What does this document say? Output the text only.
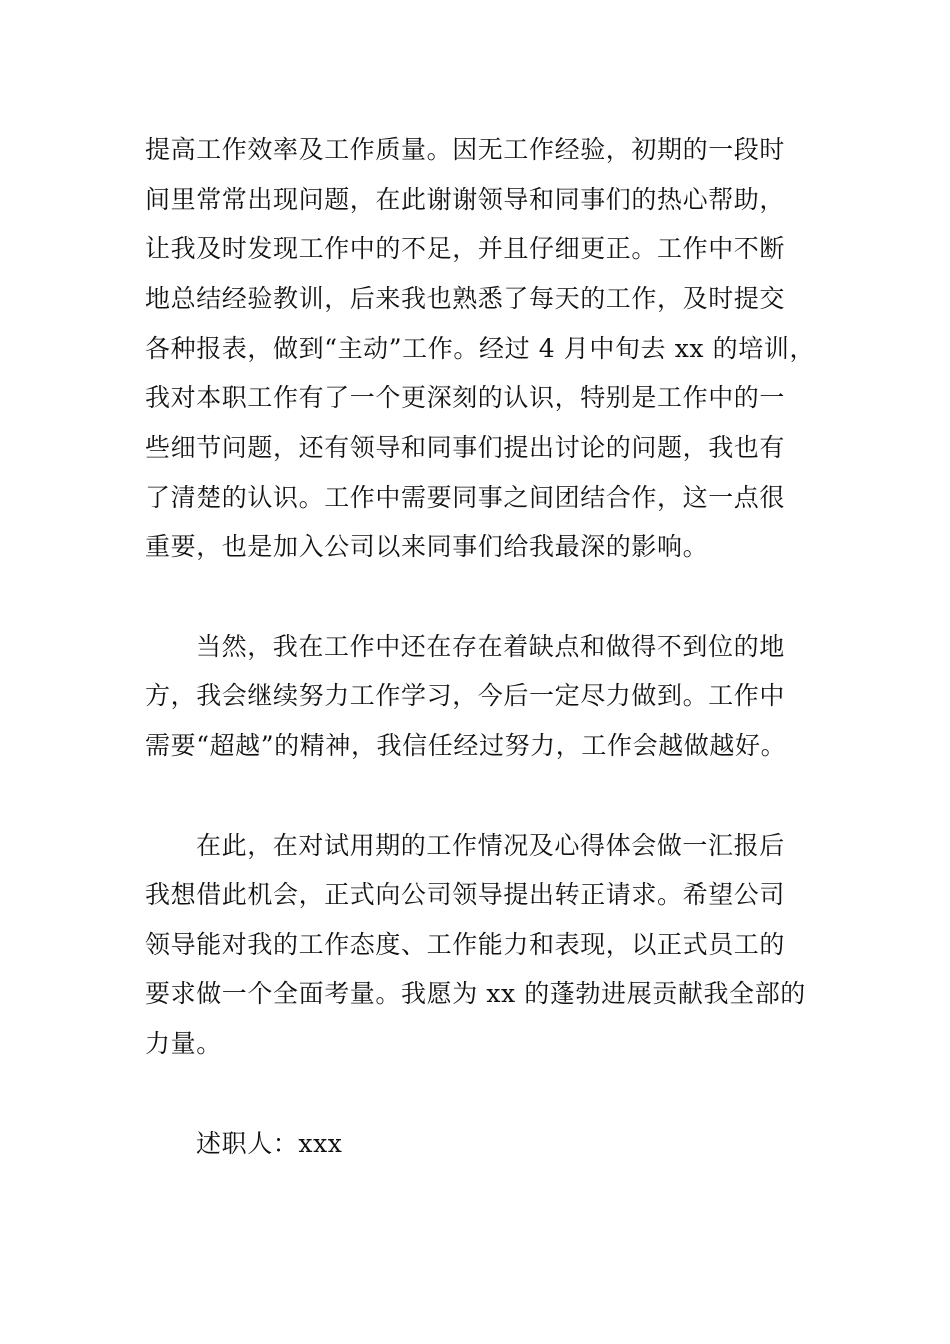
提高工作效率及工作质量。因无工作经验，初期的一段时
间里常常出现问题，在此谢谢领导和同事们的热心帮助，
让我及时发现工作中的不足，并且仔细更正。工作中不断
地总结经验教训，后来我也熟悉了每天的工作，及时提交
各种报表，做到“主动”工作。经过 4 月中旬去 xx 的培训，
我对本职工作有了一个更深刻的认识，特别是工作中的一
些细节问题，还有领导和同事们提出讨论的问题，我也有
了清楚的认识。工作中需要同事之间团结合作，这一点很
重要，也是加入公司以来同事们给我最深的影响。
当然，我在工作中还在存在着缺点和做得不到位的地
方，我会继续努力工作学习，今后一定尽力做到。工作中
需要“超越”的精神，我信任经过努力，工作会越做越好。
在此，在对试用期的工作情况及心得体会做一汇报后
我想借此机会，正式向公司领导提出转正请求。希望公司
领导能对我的工作态度、工作能力和表现，以正式员工的
要求做一个全面考量。我愿为 xx 的蓬勃进展贡献我全部的
力量。
述职人：xxx
